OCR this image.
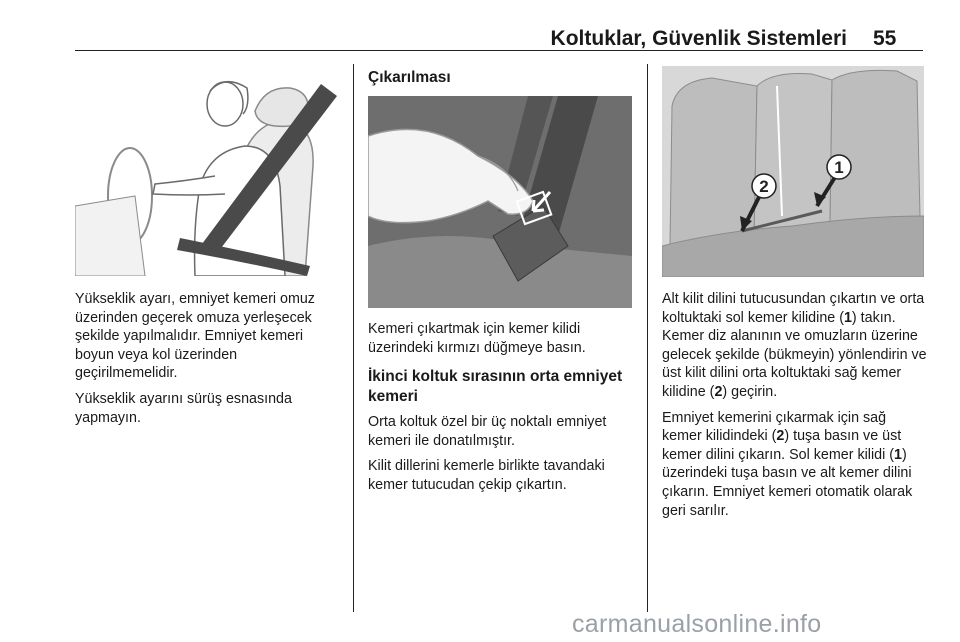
Koltuklar, Güvenlik Sistemleri 55

Yükseklik ayarı, emniyet kemeri omuz üzerinden geçerek omuza yerleşecek şekilde yapılmalıdır. Emniyet kemeri boyun veya kol üzerinden geçirilmemelidir.

Yükseklik ayarını sürüş esnasında yapmayın.

Çıkarılması

Kemeri çıkartmak için kemer kilidi üzerindeki kırmızı düğmeye basın.

İkinci koltuk sırasının orta emniyet kemeri

Orta koltuk özel bir üç noktalı emniyet kemeri ile donatılmıştır.

Kilit dillerini kemerle birlikte tavandaki kemer tutucudan çekip çıkartın.

2
1

Alt kilit dilini tutucusundan çıkartın ve orta koltuktaki sol kemer kilidine (1) takın. Kemer diz alanının ve omuzların üzerine gelecek şekilde (bükmeyin) yönlendirin ve üst kilit dilini orta koltuktaki sağ kemer kilidine (2) geçirin.

Emniyet kemerini çıkarmak için sağ kemer kilidindeki (2) tuşa basın ve üst kemer dilini çıkarın. Sol kemer kilidi (1) üzerindeki tuşa basın ve alt kemer dilini çıkarın. Emniyet kemeri otomatik olarak geri sarılır.

carmanualsonline.info
